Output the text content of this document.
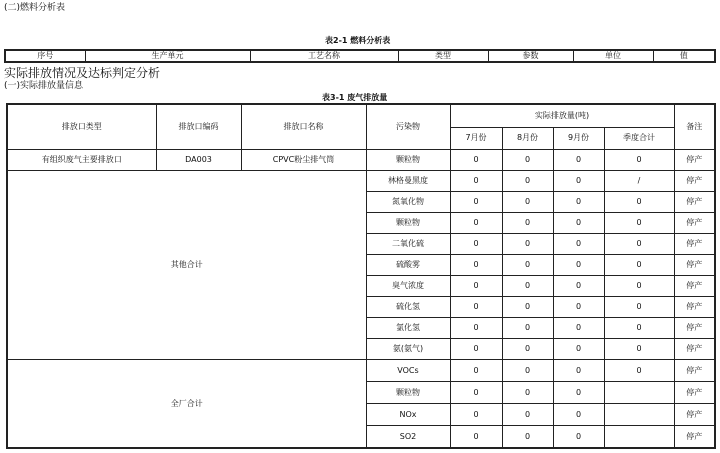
(二)燃料分析表
表2-1 燃料分析表
序号	生产单元	工艺名称	类型	参数	单位	值
实际排放情况及达标判定分析
(一)实际排放量信息
表3-1 废气排放量
排放口类型	排放口编码	排放口名称	污染物	实际排放量(吨)				备注
				7月份	8月份	9月份	季度合计	
有组织废气主要排放口	DA003	CPVC粉尘排气筒	颗粒物	0	0	0	0	停产
其他合计			林格曼黑度	0	0	0	/	停产
			氮氧化物	0	0	0	0	停产
			颗粒物	0	0	0	0	停产
			二氧化硫	0	0	0	0	停产
			硫酸雾	0	0	0	0	停产
			臭气浓度	0	0	0	0	停产
			硫化氢	0	0	0	0	停产
			氯化氢	0	0	0	0	停产
			氨(氨气)	0	0	0	0	停产
全厂合计			VOCs	0	0	0	0	停产
			颗粒物	0	0	0		停产
			NOx	0	0	0		停产
			SO2	0	0	0		停产
